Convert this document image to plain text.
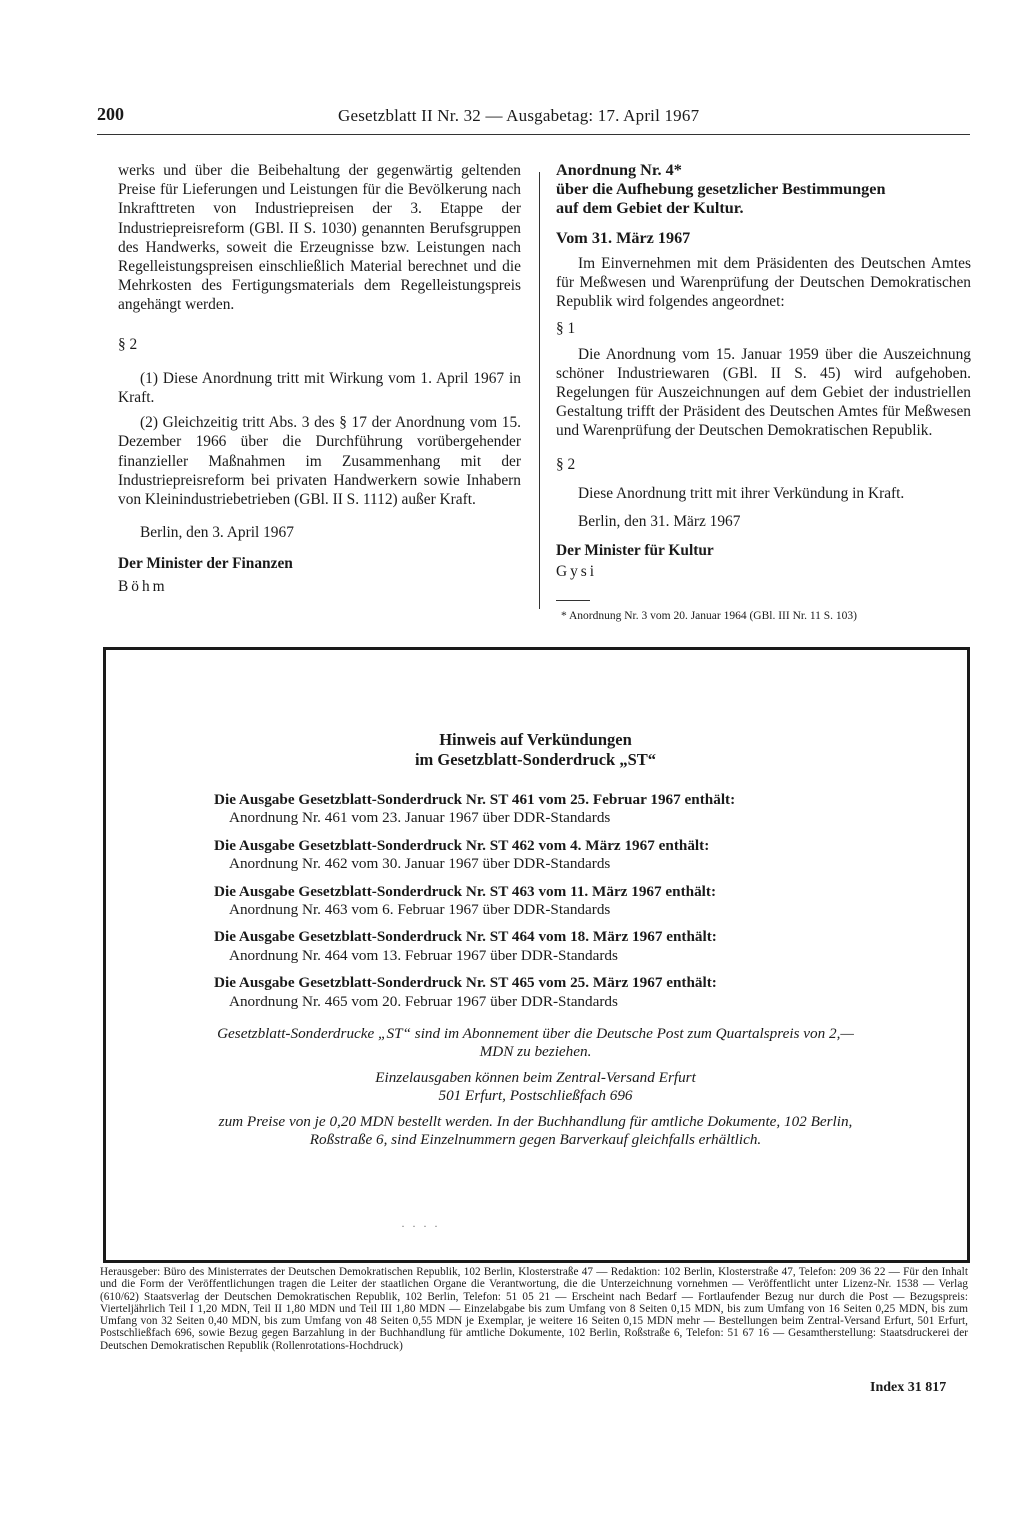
200	Gesetzblatt II Nr. 32 — Ausgabetag: 17. April 1967

werks und über die Beibehaltung der gegenwärtig geltenden Preise für Lieferungen und Leistungen für die Bevölkerung nach Inkrafttreten von Industriepreisen der 3. Etappe der Industriepreisreform (GBl. II S. 1030) genannten Berufsgruppen des Handwerks, soweit die Erzeugnisse bzw. Leistungen nach Regelleistungspreisen einschließlich Material berechnet und die Mehrkosten des Fertigungsmaterials dem Regelleistungspreis angehängt werden.

§ 2

(1) Diese Anordnung tritt mit Wirkung vom 1. April 1967 in Kraft.

(2) Gleichzeitig tritt Abs. 3 des § 17 der Anordnung vom 15. Dezember 1966 über die Durchführung vorübergehender finanzieller Maßnahmen im Zusammenhang mit der Industriepreisreform bei privaten Handwerkern sowie Inhabern von Kleinindustriebetrieben (GBl. II S. 1112) außer Kraft.

Berlin, den 3. April 1967

Der Minister der Finanzen

Böhm

Anordnung Nr. 4*

über die Aufhebung gesetzlicher Bestimmungen

auf dem Gebiet der Kultur.

Vom 31. März 1967

Im Einvernehmen mit dem Präsidenten des Deutschen Amtes für Meßwesen und Warenprüfung der Deutschen Demokratischen Republik wird folgendes angeordnet:

§ 1

Die Anordnung vom 15. Januar 1959 über die Auszeichnung schöner Industriewaren (GBl. II S. 45) wird aufgehoben. Regelungen für Auszeichnungen auf dem Gebiet der industriellen Gestaltung trifft der Präsident des Deutschen Amtes für Meßwesen und Warenprüfung der Deutschen Demokratischen Republik.

§ 2

Diese Anordnung tritt mit ihrer Verkündung in Kraft.

Berlin, den 31. März 1967

Der Minister für Kultur

Gysi

* Anordnung Nr. 3 vom 20. Januar 1964 (GBl. III Nr. 11 S. 103)
Hinweis auf Verkündungen
im Gesetzblatt-Sonderdruck „ST“
Die Ausgabe Gesetzblatt-Sonderdruck Nr. ST 461 vom 25. Februar 1967 enthält:
Anordnung Nr. 461 vom 23. Januar 1967 über DDR-Standards
Die Ausgabe Gesetzblatt-Sonderdruck Nr. ST 462 vom 4. März 1967 enthält:
Anordnung Nr. 462 vom 30. Januar 1967 über DDR-Standards
Die Ausgabe Gesetzblatt-Sonderdruck Nr. ST 463 vom 11. März 1967 enthält:
Anordnung Nr. 463 vom 6. Februar 1967 über DDR-Standards
Die Ausgabe Gesetzblatt-Sonderdruck Nr. ST 464 vom 18. März 1967 enthält:
Anordnung Nr. 464 vom 13. Februar 1967 über DDR-Standards
Die Ausgabe Gesetzblatt-Sonderdruck Nr. ST 465 vom 25. März 1967 enthält:
Anordnung Nr. 465 vom 20. Februar 1967 über DDR-Standards

Gesetzblatt-Sonderdrucke „ST“ sind im Abonnement über die Deutsche Post zum Quartalspreis von 2,— MDN zu beziehen.

Einzelausgaben können beim Zentral-Versand Erfurt

501 Erfurt, Postschließfach 696

zum Preise von je 0,20 MDN bestellt werden. In der Buchhandlung für amtliche Dokumente, 102 Berlin, Roßstraße 6, sind Einzelnummern gegen Barverkauf gleichfalls erhältlich.

· · · ·
Herausgeber: Büro des Ministerrates der Deutschen Demokratischen Republik, 102 Berlin, Klosterstraße 47 — Redaktion: 102 Berlin, Klosterstraße 47, Telefon: 209 36 22 — Für den Inhalt und die Form der Veröffentlichungen tragen die Leiter der staatlichen Organe die Verantwortung, die die Unterzeichnung vornehmen — Veröffentlicht unter Lizenz-Nr. 1538 — Verlag (610/62) Staatsverlag der Deutschen Demokratischen Republik, 102 Berlin, Telefon: 51 05 21 — Erscheint nach Bedarf — Fortlaufender Bezug nur durch die Post — Bezugspreis: Vierteljährlich Teil I 1,20 MDN, Teil II 1,80 MDN und Teil III 1,80 MDN — Einzelabgabe bis zum Umfang von 8 Seiten 0,15 MDN, bis zum Umfang von 16 Seiten 0,25 MDN, bis zum Umfang von 32 Seiten 0,40 MDN, bis zum Umfang von 48 Seiten 0,55 MDN je Exemplar, je weitere 16 Seiten 0,15 MDN mehr — Bestellungen beim Zentral-Versand Erfurt, 501 Erfurt, Postschließfach 696, sowie Bezug gegen Barzahlung in der Buchhandlung für amtliche Dokumente, 102 Berlin, Roßstraße 6, Telefon: 51 67 16 — Gesamtherstellung: Staatsdruckerei der Deutschen Demokratischen Republik (Rollenrotations-Hochdruck)
Index 31 817
